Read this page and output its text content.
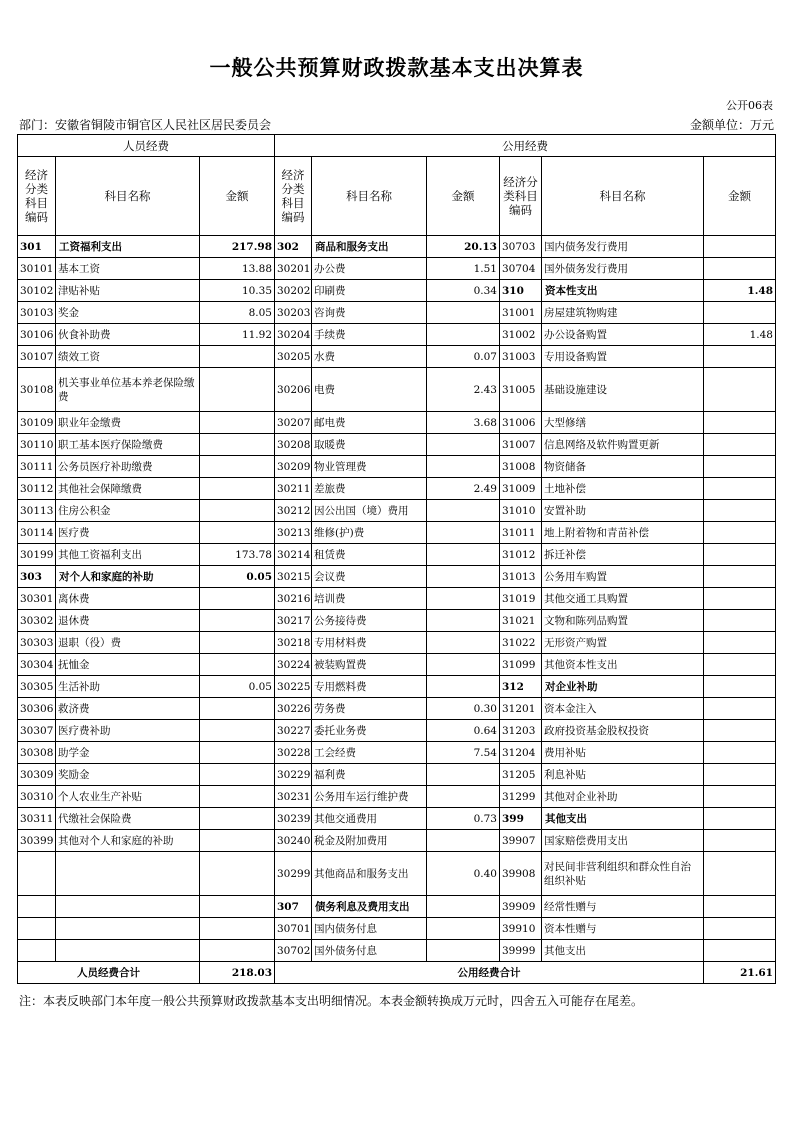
一般公共预算财政拨款基本支出决算表
公开06表
部门：安徽省铜陵市铜官区人民社区居民委员会	金额单位：万元
人员经费			公用经费					
经济分类科目编码	科目名称	金额	经济分类科目编码	科目名称	金额	经济分类科目编码	科目名称	金额
301	工资福利支出	217.98	302	商品和服务支出	20.13	30703	国内债务发行费用	
30101	基本工资	13.88	30201	办公费	1.51	30704	国外债务发行费用	
30102	津贴补贴	10.35	30202	印刷费	0.34	310	资本性支出	1.48
30103	奖金	8.05	30203	咨询费		31001	房屋建筑物购建	
30106	伙食补助费	11.92	30204	手续费		31002	办公设备购置	1.48
30107	绩效工资		30205	水费	0.07	31003	专用设备购置	
30108	机关事业单位基本养老保险缴费		30206	电费	2.43	31005	基础设施建设	
30109	职业年金缴费		30207	邮电费	3.68	31006	大型修缮	
30110	职工基本医疗保险缴费		30208	取暖费		31007	信息网络及软件购置更新	
30111	公务员医疗补助缴费		30209	物业管理费		31008	物资储备	
30112	其他社会保障缴费		30211	差旅费	2.49	31009	土地补偿	
30113	住房公积金		30212	因公出国（境）费用		31010	安置补助	
30114	医疗费		30213	维修(护)费		31011	地上附着物和青苗补偿	
30199	其他工资福利支出	173.78	30214	租赁费		31012	拆迁补偿	
303	对个人和家庭的补助	0.05	30215	会议费		31013	公务用车购置	
30301	离休费		30216	培训费		31019	其他交通工具购置	
30302	退休费		30217	公务接待费		31021	文物和陈列品购置	
30303	退职（役）费		30218	专用材料费		31022	无形资产购置	
30304	抚恤金		30224	被装购置费		31099	其他资本性支出	
30305	生活补助	0.05	30225	专用燃料费		312	对企业补助	
30306	救济费		30226	劳务费	0.30	31201	资本金注入	
30307	医疗费补助		30227	委托业务费	0.64	31203	政府投资基金股权投资	
30308	助学金		30228	工会经费	7.54	31204	费用补贴	
30309	奖励金		30229	福利费		31205	利息补贴	
30310	个人农业生产补贴		30231	公务用车运行维护费		31299	其他对企业补助	
30311	代缴社会保险费		30239	其他交通费用	0.73	399	其他支出	
30399	其他对个人和家庭的补助		30240	税金及附加费用		39907	国家赔偿费用支出	
			30299	其他商品和服务支出	0.40	39908	对民间非营利组织和群众性自治组织补贴	
			307	债务利息及费用支出		39909	经常性赠与	
			30701	国内债务付息		39910	资本性赠与	
			30702	国外债务付息		39999	其他支出	
人员经费合计		218.03	公用经费合计					21.61
注：本表反映部门本年度一般公共预算财政拨款基本支出明细情况。本表金额转换成万元时，四舍五入可能存在尾差。
